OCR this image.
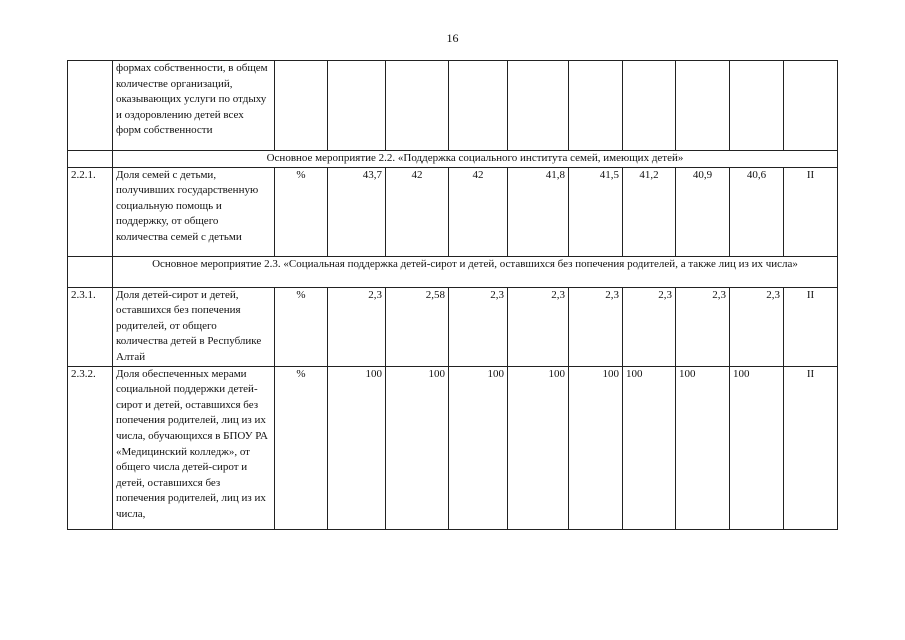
16
	формах собственности, в общем количестве организаций, оказывающих услуги по отдыху и оздоровлению детей всех форм собственности										
	Основное мероприятие 2.2. «Поддержка социального института семей, имеющих детей»										
2.2.1.	Доля семей с детьми, получивших государственную социальную помощь и поддержку, от общего количества семей с детьми	%	43,7	42	42	41,8	41,5	41,2	40,9	40,6	II
	Основное мероприятие 2.3. «Социальная поддержка детей-сирот и детей, оставшихся без попечения родителей, а также лиц из их числа»										
2.3.1.	Доля детей-сирот и детей, оставшихся без попечения родителей, от общего количества детей в Республике Алтай	%	2,3	2,58	2,3	2,3	2,3	2,3	2,3	2,3	II
2.3.2.	Доля обеспеченных мерами социальной поддержки детей-сирот и детей, оставшихся без попечения родителей, лиц из их числа, обучающихся в БПОУ РА «Медицинский колледж», от общего числа детей-сирот и детей, оставшихся без попечения родителей, лиц из их числа,	%	100	100	100	100	100	100	100	100	II
